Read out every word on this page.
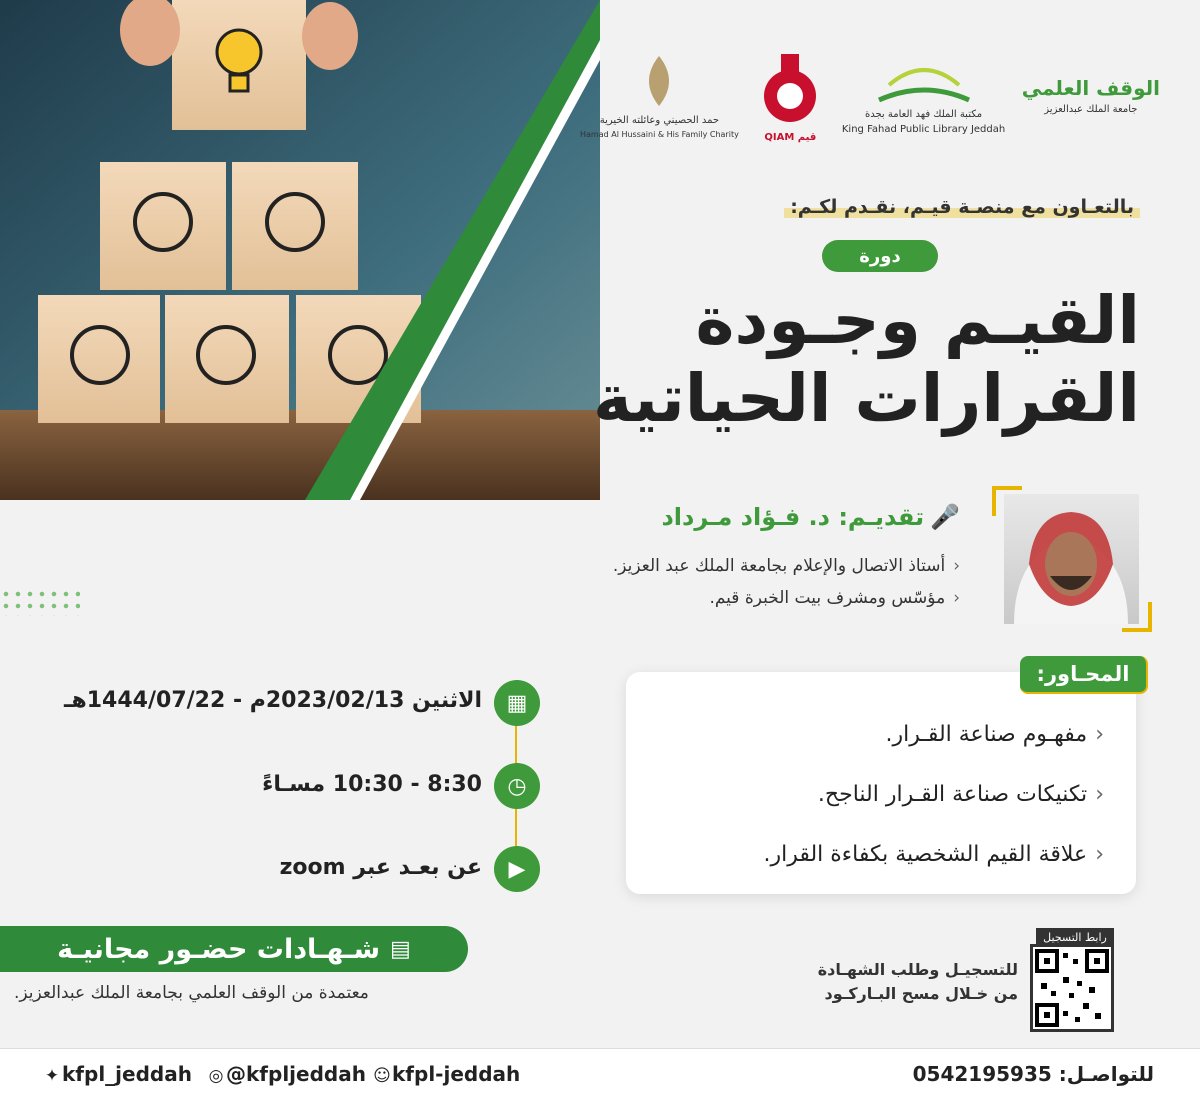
الوقف العلمي
جامعة الملك عبدالعزيز
مكتبة الملك فهد العامة بجدة
King Fahad Public Library Jeddah
QIAM قيم
حمد الحصيني وعائلته الخيرية
Hamad Al Hussaini & His Family Charity
بالتعـاون مع منصـة قيـم، نقـدم لكـم:
دورة
القيـم وجـودة
القرارات الحياتية
🎤تقديـم: د. فـؤاد مـرداد
‹أستاذ الاتصال والإعلام بجامعة الملك عبد العزيز.
‹مؤسّس ومشرف بيت الخبرة قيم.
المحـاور:
‹مفهـوم صناعة القـرار.
‹تكنيكات صناعة القـرار الناجح.
‹علاقة القيم الشخصية بكفاءة القرار.
▦
◷
▶
الاثنين 2023/02/13م - 1444/07/22هـ
8:30 - 10:30 مسـاءً
عن بعـد عبر zoom
▤
شـهـادات حضـور مجانيـة
معتمدة من الوقف العلمي بجامعة الملك عبدالعزيز.
رابط التسجيل
للتسجيـل وطلب الشهـادة
من خـلال مسح البـاركـود
للتواصـل: 0542195935
☺kfpl-jeddah
◎ @kfpljeddah
✦ kfpl_jeddah
